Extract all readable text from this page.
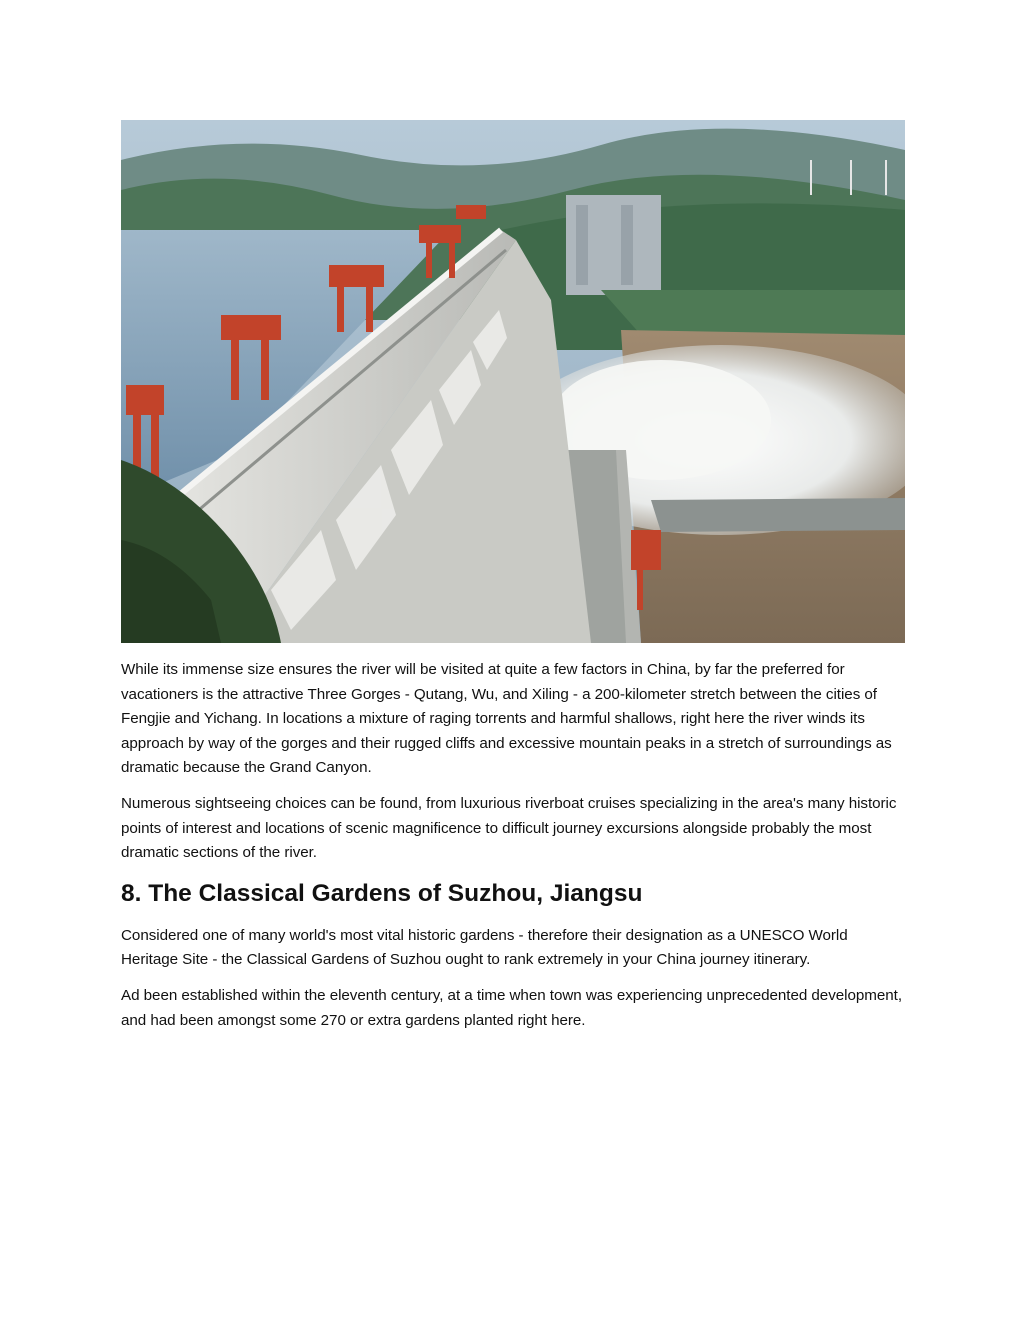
While its immense size ensures the river will be visited at quite a few factors in China, by far the preferred for vacationers is the attractive Three Gorges - Qutang, Wu, and Xiling - a 200-kilometer stretch between the cities of Fengjie and Yichang. In locations a mixture of raging torrents and harmful shallows, right here the river winds its approach by way of the gorges and their rugged cliffs and excessive mountain peaks in a stretch of surroundings as dramatic because the Grand Canyon.

Numerous sightseeing choices can be found, from luxurious riverboat cruises specializing in the area's many historic points of interest and locations of scenic magnificence to difficult journey excursions alongside probably the most dramatic sections of the river.

8. The Classical Gardens of Suzhou, Jiangsu

Considered one of many world's most vital historic gardens - therefore their designation as a UNESCO World Heritage Site - the Classical Gardens of Suzhou ought to rank extremely in your China journey itinerary.

Ad been established within the eleventh century, at a time when town was experiencing unprecedented development, and had been amongst some 270 or extra gardens planted right here.
